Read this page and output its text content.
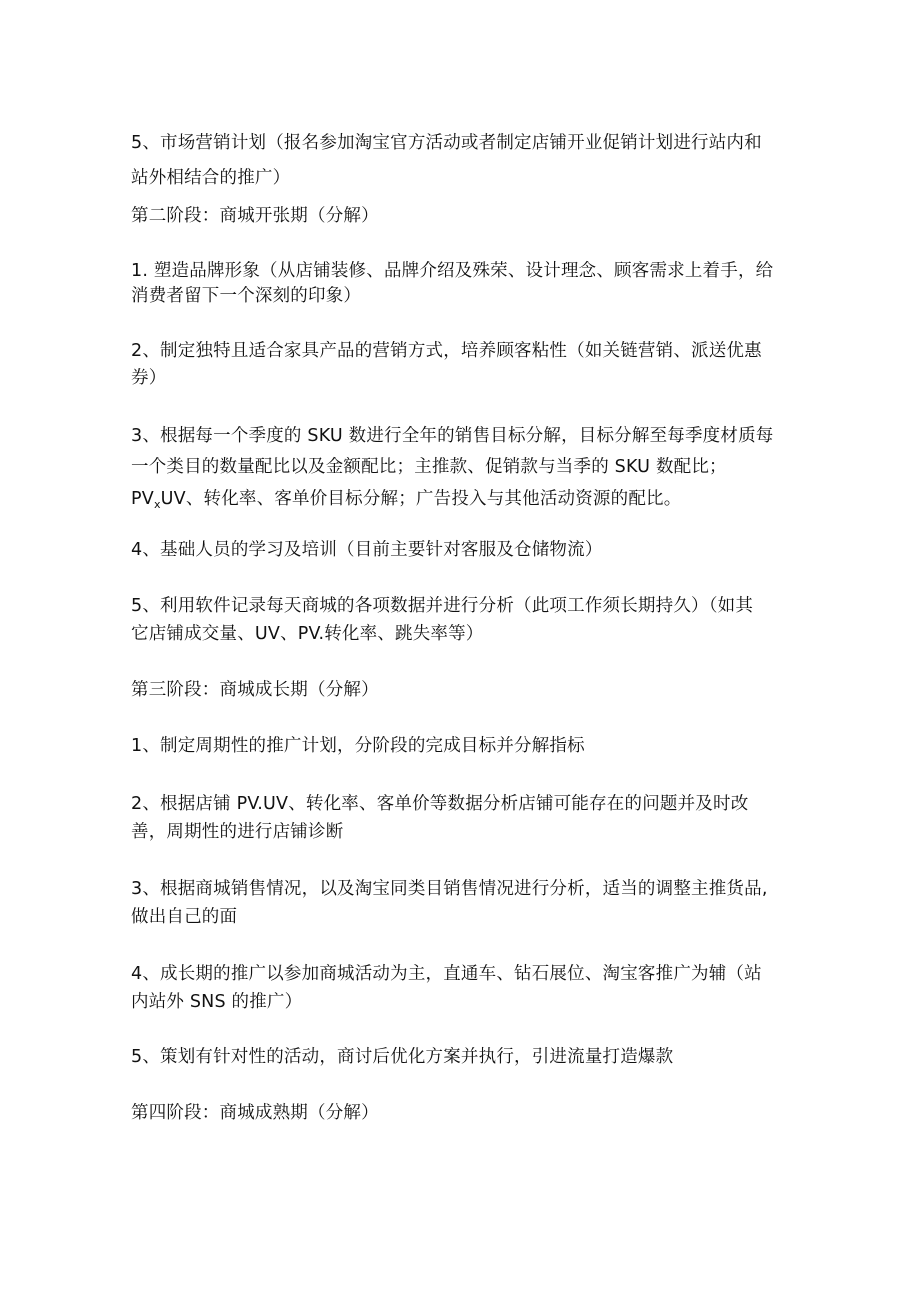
5、市场营销计划（报名参加淘宝官方活动或者制定店铺开业促销计划进行站内和
站外相结合的推广）
第二阶段：商城开张期（分解）
1. 塑造品牌形象（从店铺装修、品牌介绍及殊荣、设计理念、顾客需求上着手，给
消费者留下一个深刻的印象）
2、制定独特且适合家具产品的营销方式，培养顾客粘性（如关链营销、派送优惠
券）
3、根据每一个季度的 SKU 数进行全年的销售目标分解，目标分解至每季度材质每
一个类目的数量配比以及金额配比；主推款、促销款与当季的 SKU 数配比；
$PV_xUV$、转化率、客单价目标分解；广告投入与其他活动资源的配比。
4、基础人员的学习及培训（目前主要针对客服及仓储物流）
5、利用软件记录每天商城的各项数据并进行分析（此项工作须长期持久）（如其
它店铺成交量、UV、PV.转化率、跳失率等）
第三阶段：商城成长期（分解）
1、制定周期性的推广计划，分阶段的完成目标并分解指标
2、根据店铺 PV.UV、转化率、客单价等数据分析店铺可能存在的问题并及时改
善，周期性的进行店铺诊断
3、根据商城销售情况，以及淘宝同类目销售情况进行分析，适当的调整主推货品,
做出自己的面
4、成长期的推广以参加商城活动为主，直通车、钻石展位、淘宝客推广为辅（站
内站外 SNS 的推广）
5、策划有针对性的活动，商讨后优化方案并执行，引进流量打造爆款
第四阶段：商城成熟期（分解）
